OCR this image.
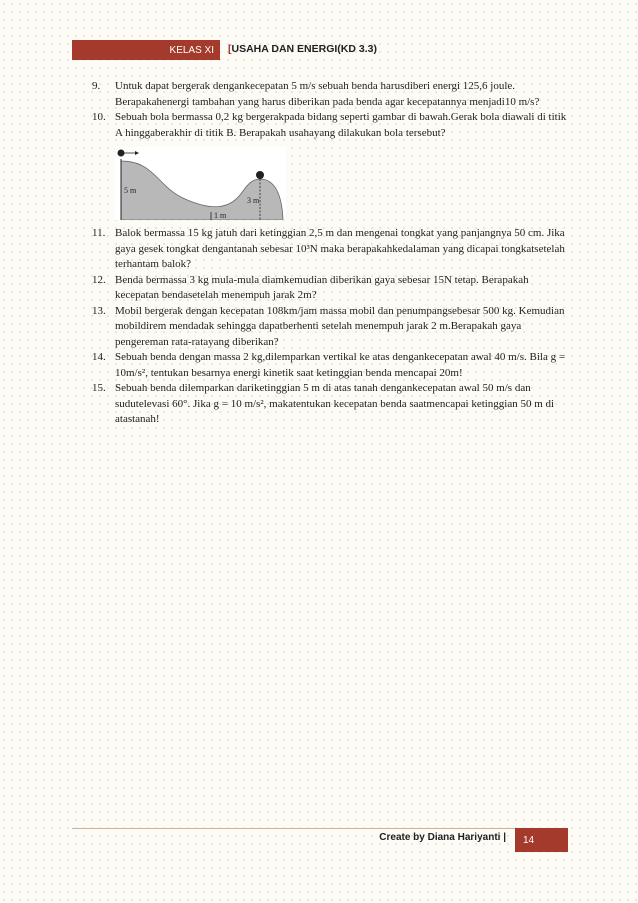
KELAS XI [USAHA DAN ENERGI(KD 3.3)
9.	Untuk dapat bergerak dengankecepatan 5 m/s sebuah benda harusdiberi energi 125,6 joule. Berapakahenergi tambahan yang harus diberikan pada benda agar kecepatannya menjadi10 m/s?
10. Sebuah bola bermassa 0,2 kg bergerakpada bidang seperti gambar di bawah.Gerak bola diawali di titik A hinggaberakhir di titik B. Berapakah usahayang dilakukan bola tersebut?
5 m
1 m
3 m
11. Balok bermassa 15 kg jatuh dari ketinggian 2,5 m dan mengenai tongkat yang panjangnya 50 cm. Jika gaya gesek tongkat dengantanah sebesar 10³N maka berapakahkedalaman yang dicapai tongkatsetelah terhantam balok?
12. Benda bermassa 3 kg mula-mula diamkemudian diberikan gaya sebesar 15N tetap. Berapakah kecepatan bendasetelah menempuh jarak 2m?
13. Mobil bergerak dengan kecepatan 108km/jam massa mobil dan penumpangsebesar 500 kg. Kemudian mobildirem mendadak sehingga dapatberhenti setelah menempuh jarak 2 m.Berapakah gaya pengereman rata-ratayang diberikan?
14. Sebuah benda dengan massa 2 kg,dilemparkan vertikal ke atas dengankecepatan awal 40 m/s. Bila g = 10m/s², tentukan besarnya energi kinetik saat ketinggian benda mencapai 20m!
15. Sebuah benda dilemparkan dariketinggian 5 m di atas tanah dengankecepatan awal 50 m/s dan sudutelevasi 60°. Jika g = 10 m/s², makatentukan kecepatan benda saatmencapai ketinggian 50 m di atastanah!
Create by Diana Hariyanti | 14
